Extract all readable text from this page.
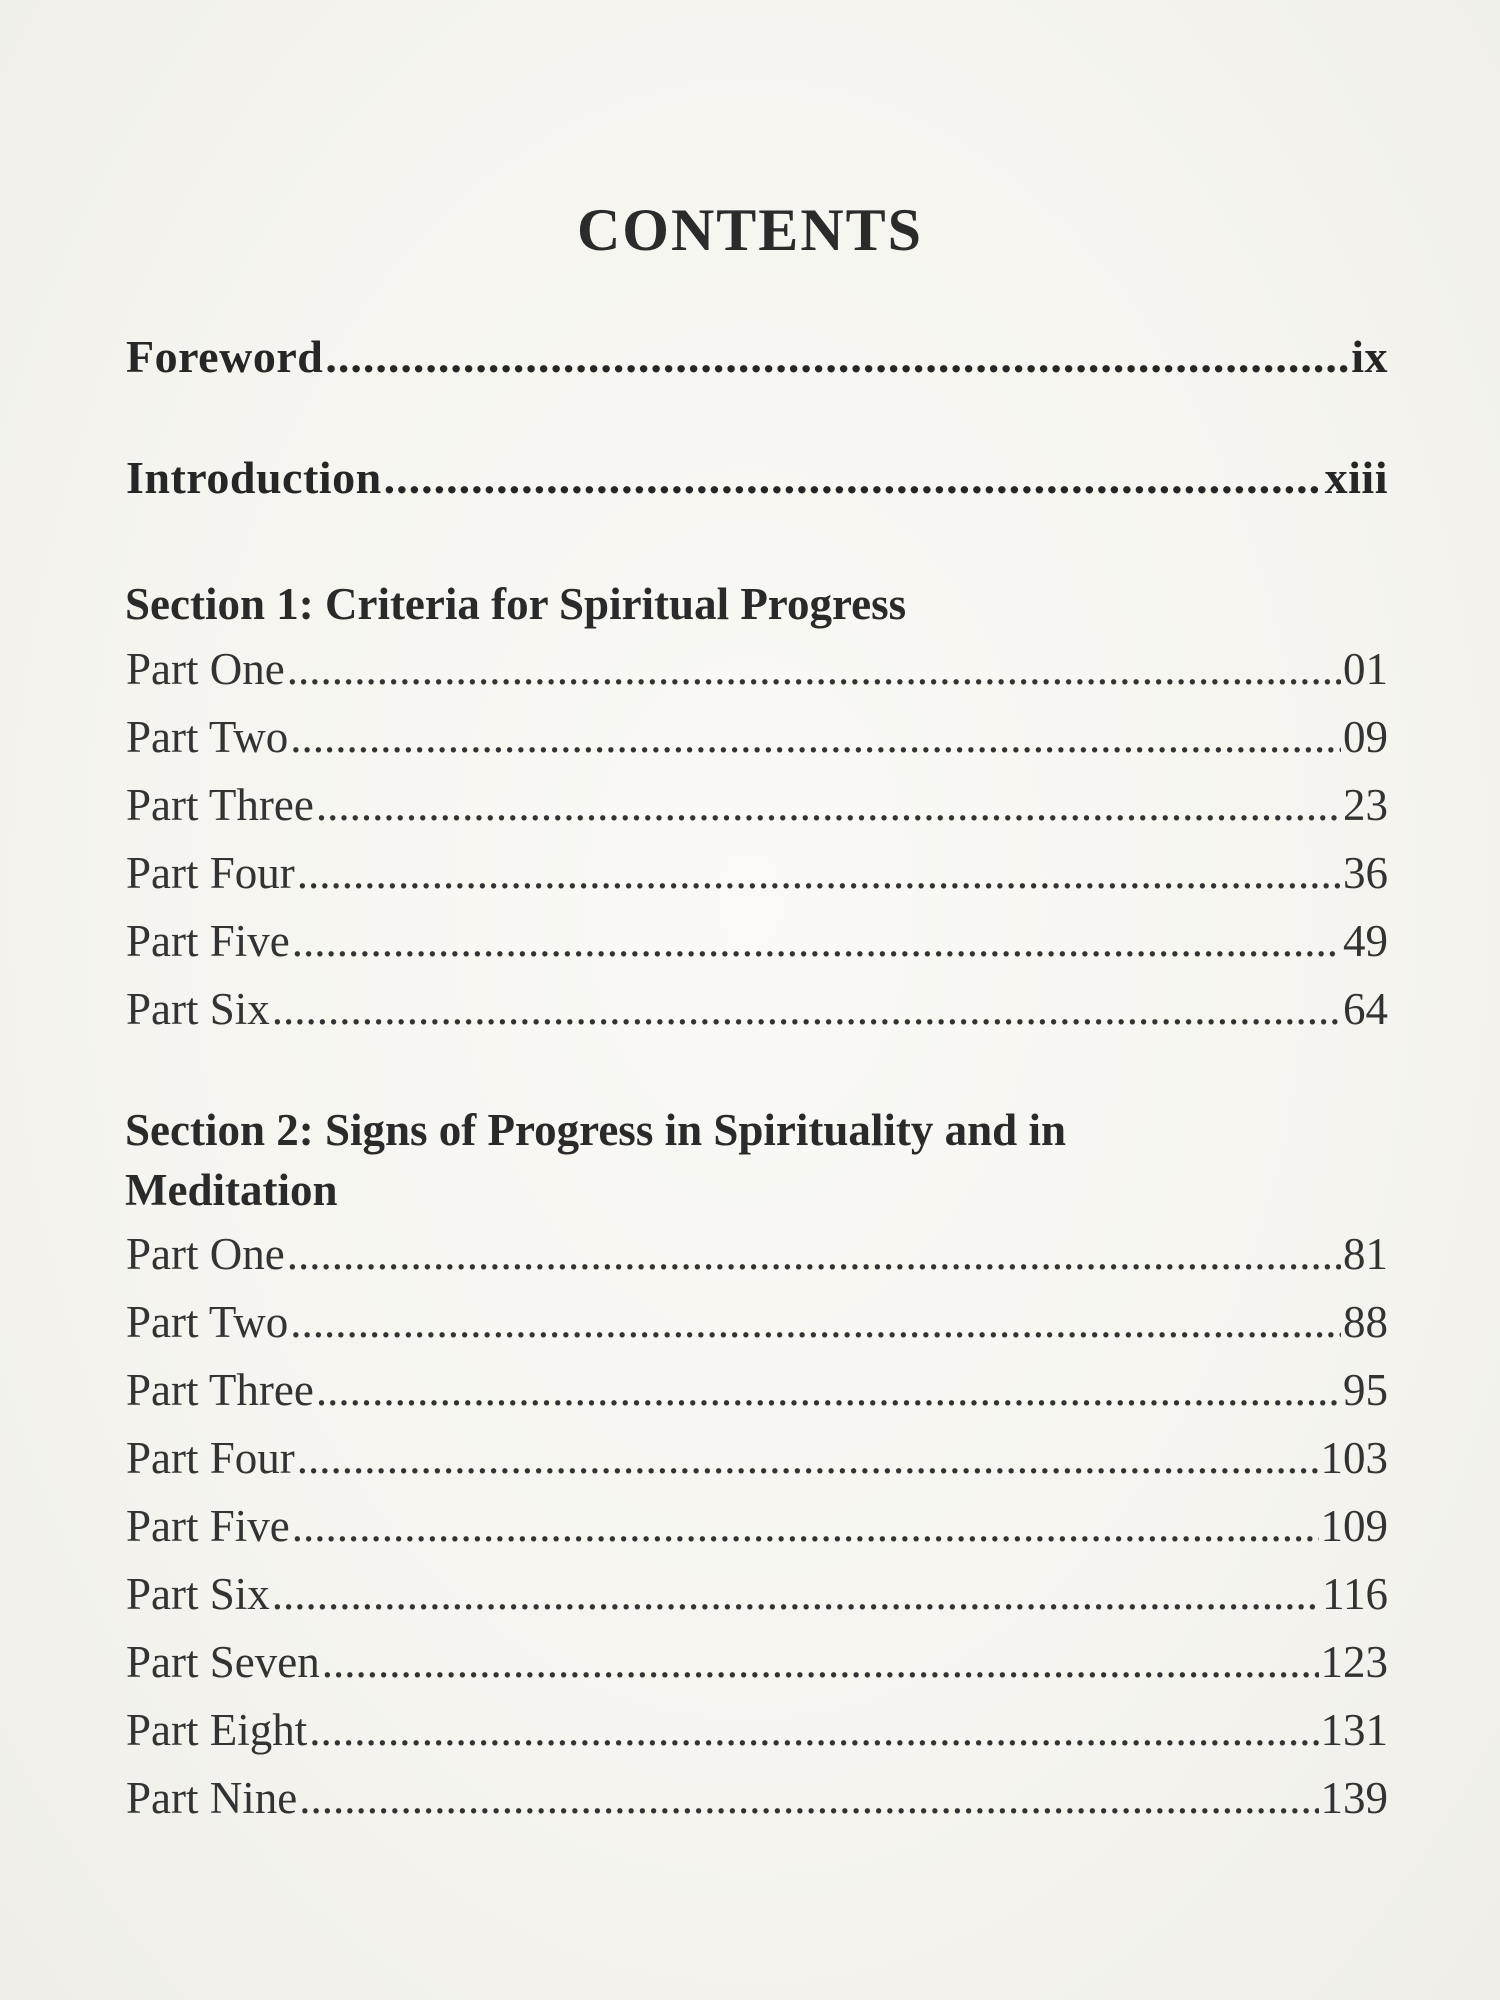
CONTENTS
Foreword .....	ix
Introduction .....	xiii
Section 1: Criteria for Spiritual Progress
Part One .....	01
Part Two .....	09
Part Three .....	23
Part Four .....	36
Part Five .....	49
Part Six .....	64
Section 2: Signs of Progress in Spirituality and in Meditation
Part One .....	81
Part Two .....	88
Part Three .....	95
Part Four .....	103
Part Five .....	109
Part Six .....	116
Part Seven .....	123
Part Eight .....	131
Part Nine .....	139
